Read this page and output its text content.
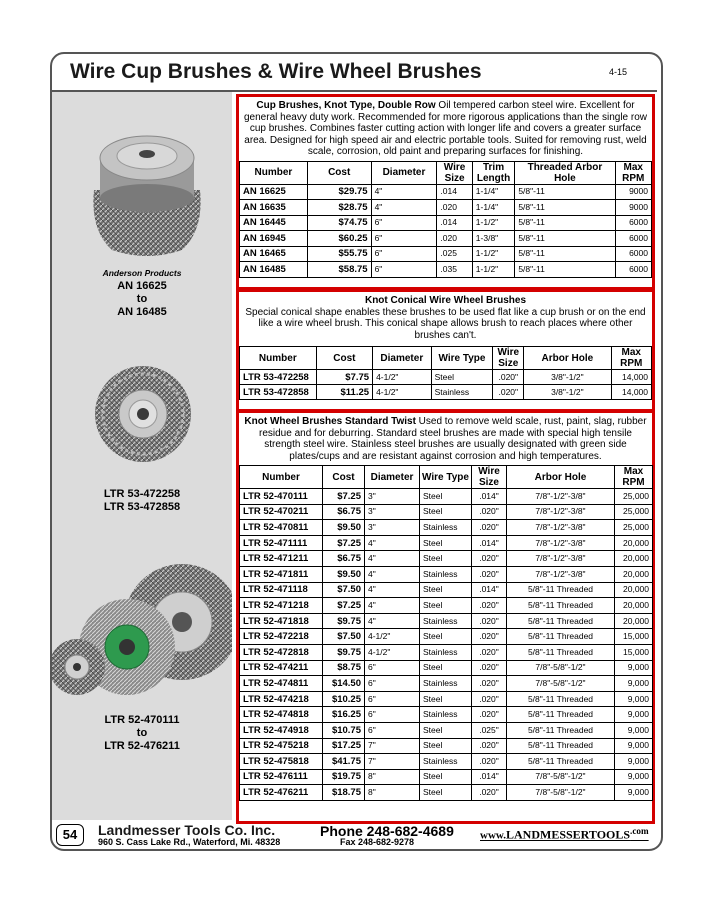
Wire Cup Brushes & Wire Wheel Brushes	4-15
Anderson Products
AN 16625
to
AN 16485
LTR 53-472258
LTR 53-472858
LTR 52-470111
to
LTR 52-476211
Cup Brushes, Knot Type, Double Row Oil tempered carbon steel wire. Excellent for general heavy duty work. Recommended for more rigorous applications than the single row cup brushes. Combines faster cutting action with longer life and covers a greater surface area. Designed for high speed air and electric portable tools. Suited for removing rust, weld scale, corrosion, old paint and preparing surfaces for finishing.
Number	Cost	Diameter	Wire Size	Trim Length	Threaded Arbor Hole	Max RPM
AN 16625	$29.75	4"	.014	1-1/4"	5/8"-11	9000
AN 16635	$28.75	4"	.020	1-1/4"	5/8"-11	9000
AN 16445	$74.75	6"	.014	1-1/2"	5/8"-11	6000
AN 16945	$60.25	6"	.020	1-3/8"	5/8"-11	6000
AN 16465	$55.75	6"	.025	1-1/2"	5/8"-11	6000
AN 16485	$58.75	6"	.035	1-1/2"	5/8"-11	6000
Knot Conical Wire Wheel Brushes
Special conical shape enables these brushes to be used flat like a cup brush or on the end like a wire wheel brush. This conical shape allows brush to reach places where other brushes can't.
Number	Cost	Diameter	Wire Type	Wire Size	Arbor Hole	Max RPM
LTR 53-472258	$7.75	4-1/2"	Steel	.020"	3/8"-1/2"	14,000
LTR 53-472858	$11.25	4-1/2"	Stainless	.020"	3/8"-1/2"	14,000
Knot Wheel Brushes Standard Twist Used to remove weld scale, rust, paint, slag, rubber residue and for deburring. Standard steel brushes are made with special high tensile strength steel wire. Stainless steel brushes are usually designated with green side plates/cups and are resistant against corrosion and high temperatures.
Number	Cost	Diameter	Wire Type	Wire Size	Arbor Hole	Max RPM
LTR 52-470111	$7.25	3"	Steel	.014"	7/8"-1/2"-3/8"	25,000
LTR 52-470211	$6.75	3"	Steel	.020"	7/8"-1/2"-3/8"	25,000
LTR 52-470811	$9.50	3"	Stainless	.020"	7/8"-1/2"-3/8"	25,000
LTR 52-471111	$7.25	4"	Steel	.014"	7/8"-1/2"-3/8"	20,000
LTR 52-471211	$6.75	4"	Steel	.020"	7/8"-1/2"-3/8"	20,000
LTR 52-471811	$9.50	4"	Stainless	.020"	7/8"-1/2"-3/8"	20,000
LTR 52-471118	$7.50	4"	Steel	.014"	5/8"-11 Threaded	20,000
LTR 52-471218	$7.25	4"	Steel	.020"	5/8"-11 Threaded	20,000
LTR 52-471818	$9.75	4"	Stainless	.020"	5/8"-11 Threaded	20,000
LTR 52-472218	$7.50	4-1/2"	Steel	.020"	5/8"-11 Threaded	15,000
LTR 52-472818	$9.75	4-1/2"	Stainless	.020"	5/8"-11 Threaded	15,000
LTR 52-474211	$8.75	6"	Steel	.020"	7/8"-5/8"-1/2"	9,000
LTR 52-474811	$14.50	6"	Stainless	.020"	7/8"-5/8"-1/2"	9,000
LTR 52-474218	$10.25	6"	Steel	.020"	5/8"-11 Threaded	9,000
LTR 52-474818	$16.25	6"	Stainless	.020"	5/8"-11 Threaded	9,000
LTR 52-474918	$10.75	6"	Steel	.025"	5/8"-11 Threaded	9,000
LTR 52-475218	$17.25	7"	Steel	.020"	5/8"-11 Threaded	9,000
LTR 52-475818	$41.75	7"	Stainless	.020"	5/8"-11 Threaded	9,000
LTR 52-476111	$19.75	8"	Steel	.014"	7/8"-5/8"-1/2"	9,000
LTR 52-476211	$18.75	8"	Steel	.020"	7/8"-5/8"-1/2"	9,000
54	Landmesser Tools Co. Inc.
960 S. Cass Lake Rd., Waterford, Mi. 48328
Phone 248-682-4689
Fax 248-682-9278
$www.LANDMESSERTOOLS^{.com}$
